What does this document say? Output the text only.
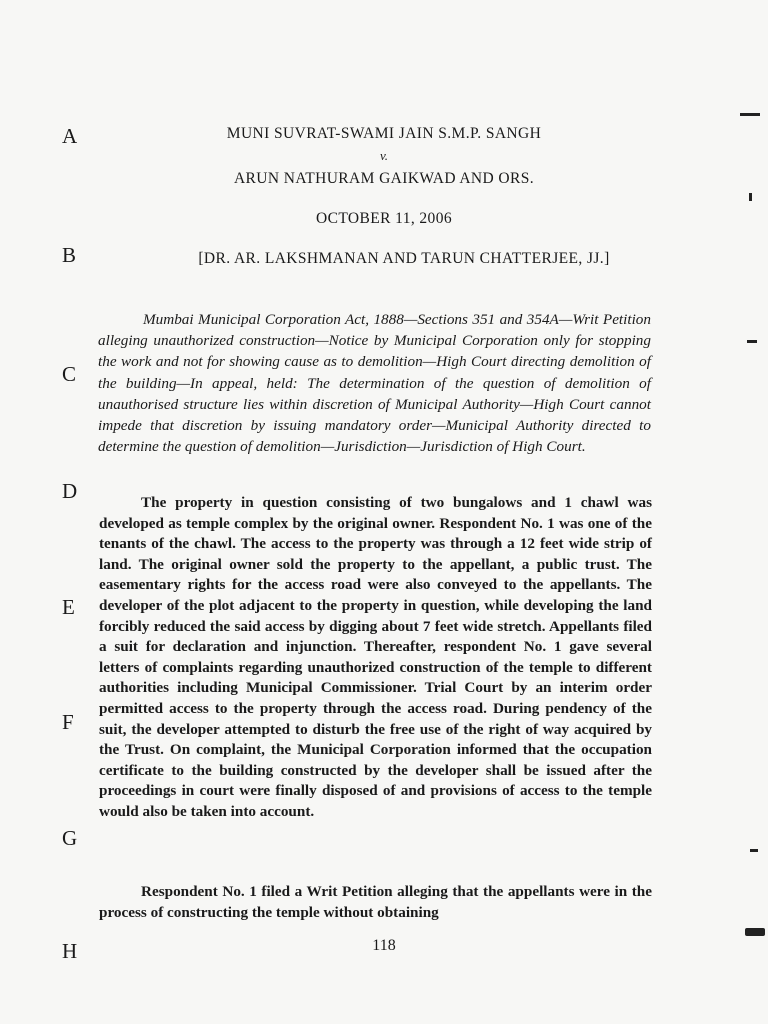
A
B
C
D
E
F
G
H
MUNI SUVRAT-SWAMI JAIN S.M.P. SANGH
v.
ARUN NATHURAM GAIKWAD AND ORS.
OCTOBER 11, 2006
[DR. AR. LAKSHMANAN AND TARUN CHATTERJEE, JJ.]
Mumbai Municipal Corporation Act, 1888—Sections 351 and 354A—Writ Petition alleging unauthorized construction—Notice by Municipal Corporation only for stopping the work and not for showing cause as to demolition—High Court directing demolition of the building—In appeal, held: The determination of the question of demolition of unauthorised structure lies within discretion of Municipal Authority—High Court cannot impede that discretion by issuing mandatory order—Municipal Authority directed to determine the question of demolition—Jurisdiction—Jurisdiction of High Court.
The property in question consisting of two bungalows and 1 chawl was developed as temple complex by the original owner. Respondent No. 1 was one of the tenants of the chawl. The access to the property was through a 12 feet wide strip of land. The original owner sold the property to the appellant, a public trust. The easementary rights for the access road were also conveyed to the appellants. The developer of the plot adjacent to the property in question, while developing the land forcibly reduced the said access by digging about 7 feet wide stretch. Appellants filed a suit for declaration and injunction. Thereafter, respondent No. 1 gave several letters of complaints regarding unauthorized construction of the temple to different authorities including Municipal Commissioner. Trial Court by an interim order permitted access to the property through the access road. During pendency of the suit, the developer attempted to disturb the free use of the right of way acquired by the Trust. On complaint, the Municipal Corporation informed that the occupation certificate to the building constructed by the developer shall be issued after the proceedings in court were finally disposed of and provisions of access to the temple would also be taken into account.
Respondent No. 1 filed a Writ Petition alleging that the appellants were in the process of constructing the temple without obtaining
118
